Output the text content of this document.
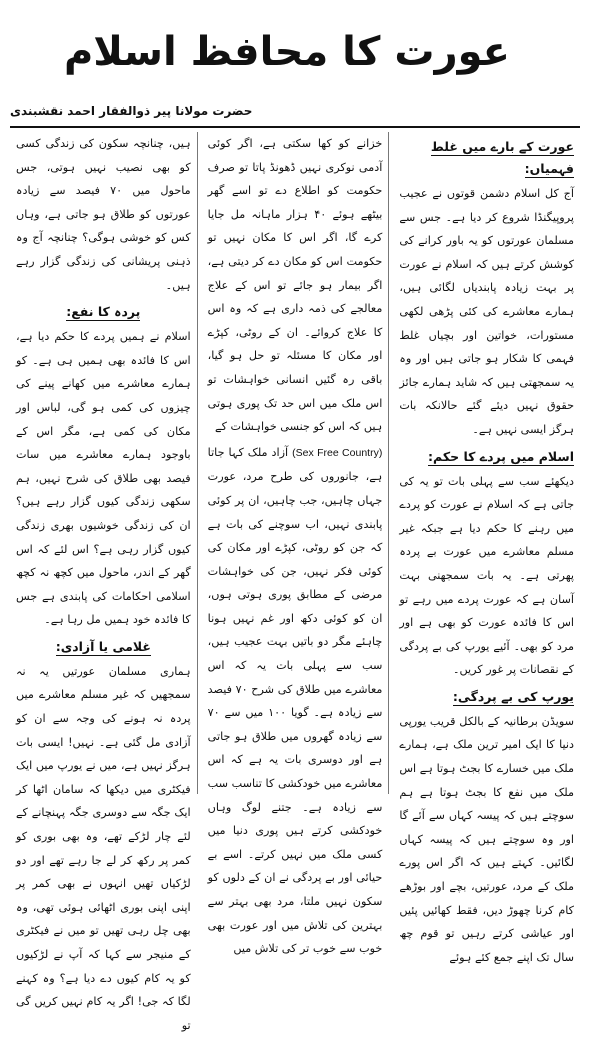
عورت کا محافظ اسلام
حضرت مولانا پیر ذوالفقار احمد نقشبندی
عورت کے بارے میں غلط فہمیاں:

آج کل اسلام دشمن قوتوں نے عجیب پروپیگنڈا شروع کر دیا ہے۔ جس سے مسلمان عورتوں کو یہ باور کرانے کی کوشش کرتے ہیں کہ اسلام نے عورت پر بہت زیادہ پابندیاں لگائی ہیں، ہمارے معاشرے کی کئی پڑھی لکھی مستورات، خواتین اور بچیاں غلط فہمی کا شکار ہو جاتی ہیں اور وہ یہ سمجھتی ہیں کہ شاید ہمارے جائز حقوق نہیں دیئے گئے حالانکہ بات ہرگز ایسی نہیں ہے۔

اسلام میں پردے کا حکم:

دیکھئے سب سے پہلی بات تو یہ کی جاتی ہے کہ اسلام نے عورت کو پردے میں رہنے کا حکم دیا ہے جبکہ غیر مسلم معاشرے میں عورت بے پردہ پھرتی ہے۔ یہ بات سمجھنی بہت آسان ہے کہ عورت پردے میں رہے تو اس کا فائدہ عورت کو بھی ہے اور مرد کو بھی۔ آئیے یورپ کی بے پردگی کے نقصانات پر غور کریں۔

یورپ کی بے پردگی:

سویڈن برطانیہ کے بالکل قریب یورپی دنیا کا ایک امیر ترین ملک ہے، ہمارے ملک میں خسارے کا بجٹ ہوتا ہے اس ملک میں نفع کا بجٹ ہوتا ہے ہم سوچتے ہیں کہ پیسہ کہاں سے آئے گا اور وہ سوچتے ہیں کہ پیسہ کہاں لگائیں۔ کہتے ہیں کہ اگر اس پورے ملک کے مرد، عورتیں، بچے اور بوڑھے کام کرنا چھوڑ دیں، فقط کھائیں پئیں اور عیاشی کرتے رہیں تو قوم چھ سال تک اپنے جمع کئے ہوئے

خزانے کو کھا سکتی ہے، اگر کوئی آدمی نوکری نہیں ڈھونڈ پاتا تو صرف حکومت کو اطلاع دے تو اسے گھر بیٹھے ہوئے ۴۰ ہزار ماہانہ مل جایا کرے گا، اگر اس کا مکان نہیں تو حکومت اس کو مکان دے کر دیتی ہے، اگر بیمار ہو جائے تو اس کے علاج معالجے کی ذمہ داری ہے کہ وہ اس کا علاج کروائے۔ ان کے روٹی، کپڑے اور مکان کا مسئلہ تو حل ہو گیا، باقی رہ گئیں انسانی خواہشات تو اس ملک میں اس حد تک پوری ہوتی ہیں کہ اس کو جنسی خواہشات کے

(Sex Free Country) آزاد ملک کہا جاتا ہے، جانوروں کی طرح مرد، عورت جہاں چاہیں، جب چاہیں، ان پر کوئی پابندی نہیں، اب سوچنے کی بات ہے کہ جن کو روٹی، کپڑے اور مکان کی کوئی فکر نہیں، جن کی خواہشات مرضی کے مطابق پوری ہوتی ہوں، ان کو کوئی دکھ اور غم نہیں ہونا چاہئے مگر دو باتیں بہت عجیب ہیں، سب سے پہلی بات یہ کہ اس معاشرے میں طلاق کی شرح ۷۰ فیصد سے زیادہ ہے۔ گویا ۱۰۰ میں سے ۷۰ سے زیادہ گھروں میں طلاق ہو جاتی ہے اور دوسری بات یہ ہے کہ اس معاشرے میں خودکشی کا تناسب سب سے زیادہ ہے۔ جتنے لوگ وہاں خودکشی کرتے ہیں پوری دنیا میں کسی ملک میں نہیں کرتے۔ اسے بے حیائی اور بے پردگی نے ان کے دلوں کو سکون نہیں ملتا، مرد بھی بہتر سے بہترین کی تلاش میں اور عورت بھی خوب سے خوب تر کی تلاش میں

ہیں، چنانچہ سکون کی زندگی کسی کو بھی نصیب نہیں ہوتی، جس ماحول میں ۷۰ فیصد سے زیادہ عورتوں کو طلاق ہو جاتی ہے، وہاں کس کو خوشی ہوگی؟ چنانچہ آج وہ ذہنی پریشانی کی زندگی گزار رہے ہیں۔

پردہ کا نفع:

اسلام نے ہمیں پردے کا حکم دیا ہے، اس کا فائدہ بھی ہمیں ہی ہے۔ کو ہمارے معاشرے میں کھانے پینے کی چیزوں کی کمی ہو گی، لباس اور مکان کی کمی ہے، مگر اس کے باوجود ہمارے معاشرے میں سات فیصد بھی طلاق کی شرح نہیں، ہم سکھی زندگی کیوں گزار رہے ہیں؟ ان کی زندگی خوشیوں بھری زندگی کیوں گزار رہی ہے؟ اس لئے کہ اس گھر کے اندر، ماحول میں کچھ نہ کچھ اسلامی احکامات کی پابندی ہے جس کا فائدہ خود ہمیں مل رہا ہے۔

غلامی یا آزادی:

ہماری مسلمان عورتیں یہ نہ سمجھیں کہ غیر مسلم معاشرے میں پردہ نہ ہونے کی وجہ سے ان کو آزادی مل گئی ہے۔ نہیں! ایسی بات ہرگز نہیں ہے، میں نے یورپ میں ایک فیکٹری میں دیکھا کہ سامان اٹھا کر ایک جگہ سے دوسری جگہ پہنچانے کے لئے چار لڑکے تھے، وہ بھی بوری کو کمر پر رکھ کر لے جا رہے تھے اور دو لڑکیاں تھیں انہوں نے بھی کمر پر اپنی اپنی بوری اٹھائی ہوئی تھی، وہ بھی چل رہی تھیں تو میں نے فیکٹری کے منیجر سے کہا کہ آپ نے لڑکیوں کو یہ کام کیوں دے دیا ہے؟ وہ کہنے لگا کہ جی! اگر یہ کام نہیں کریں گی تو
